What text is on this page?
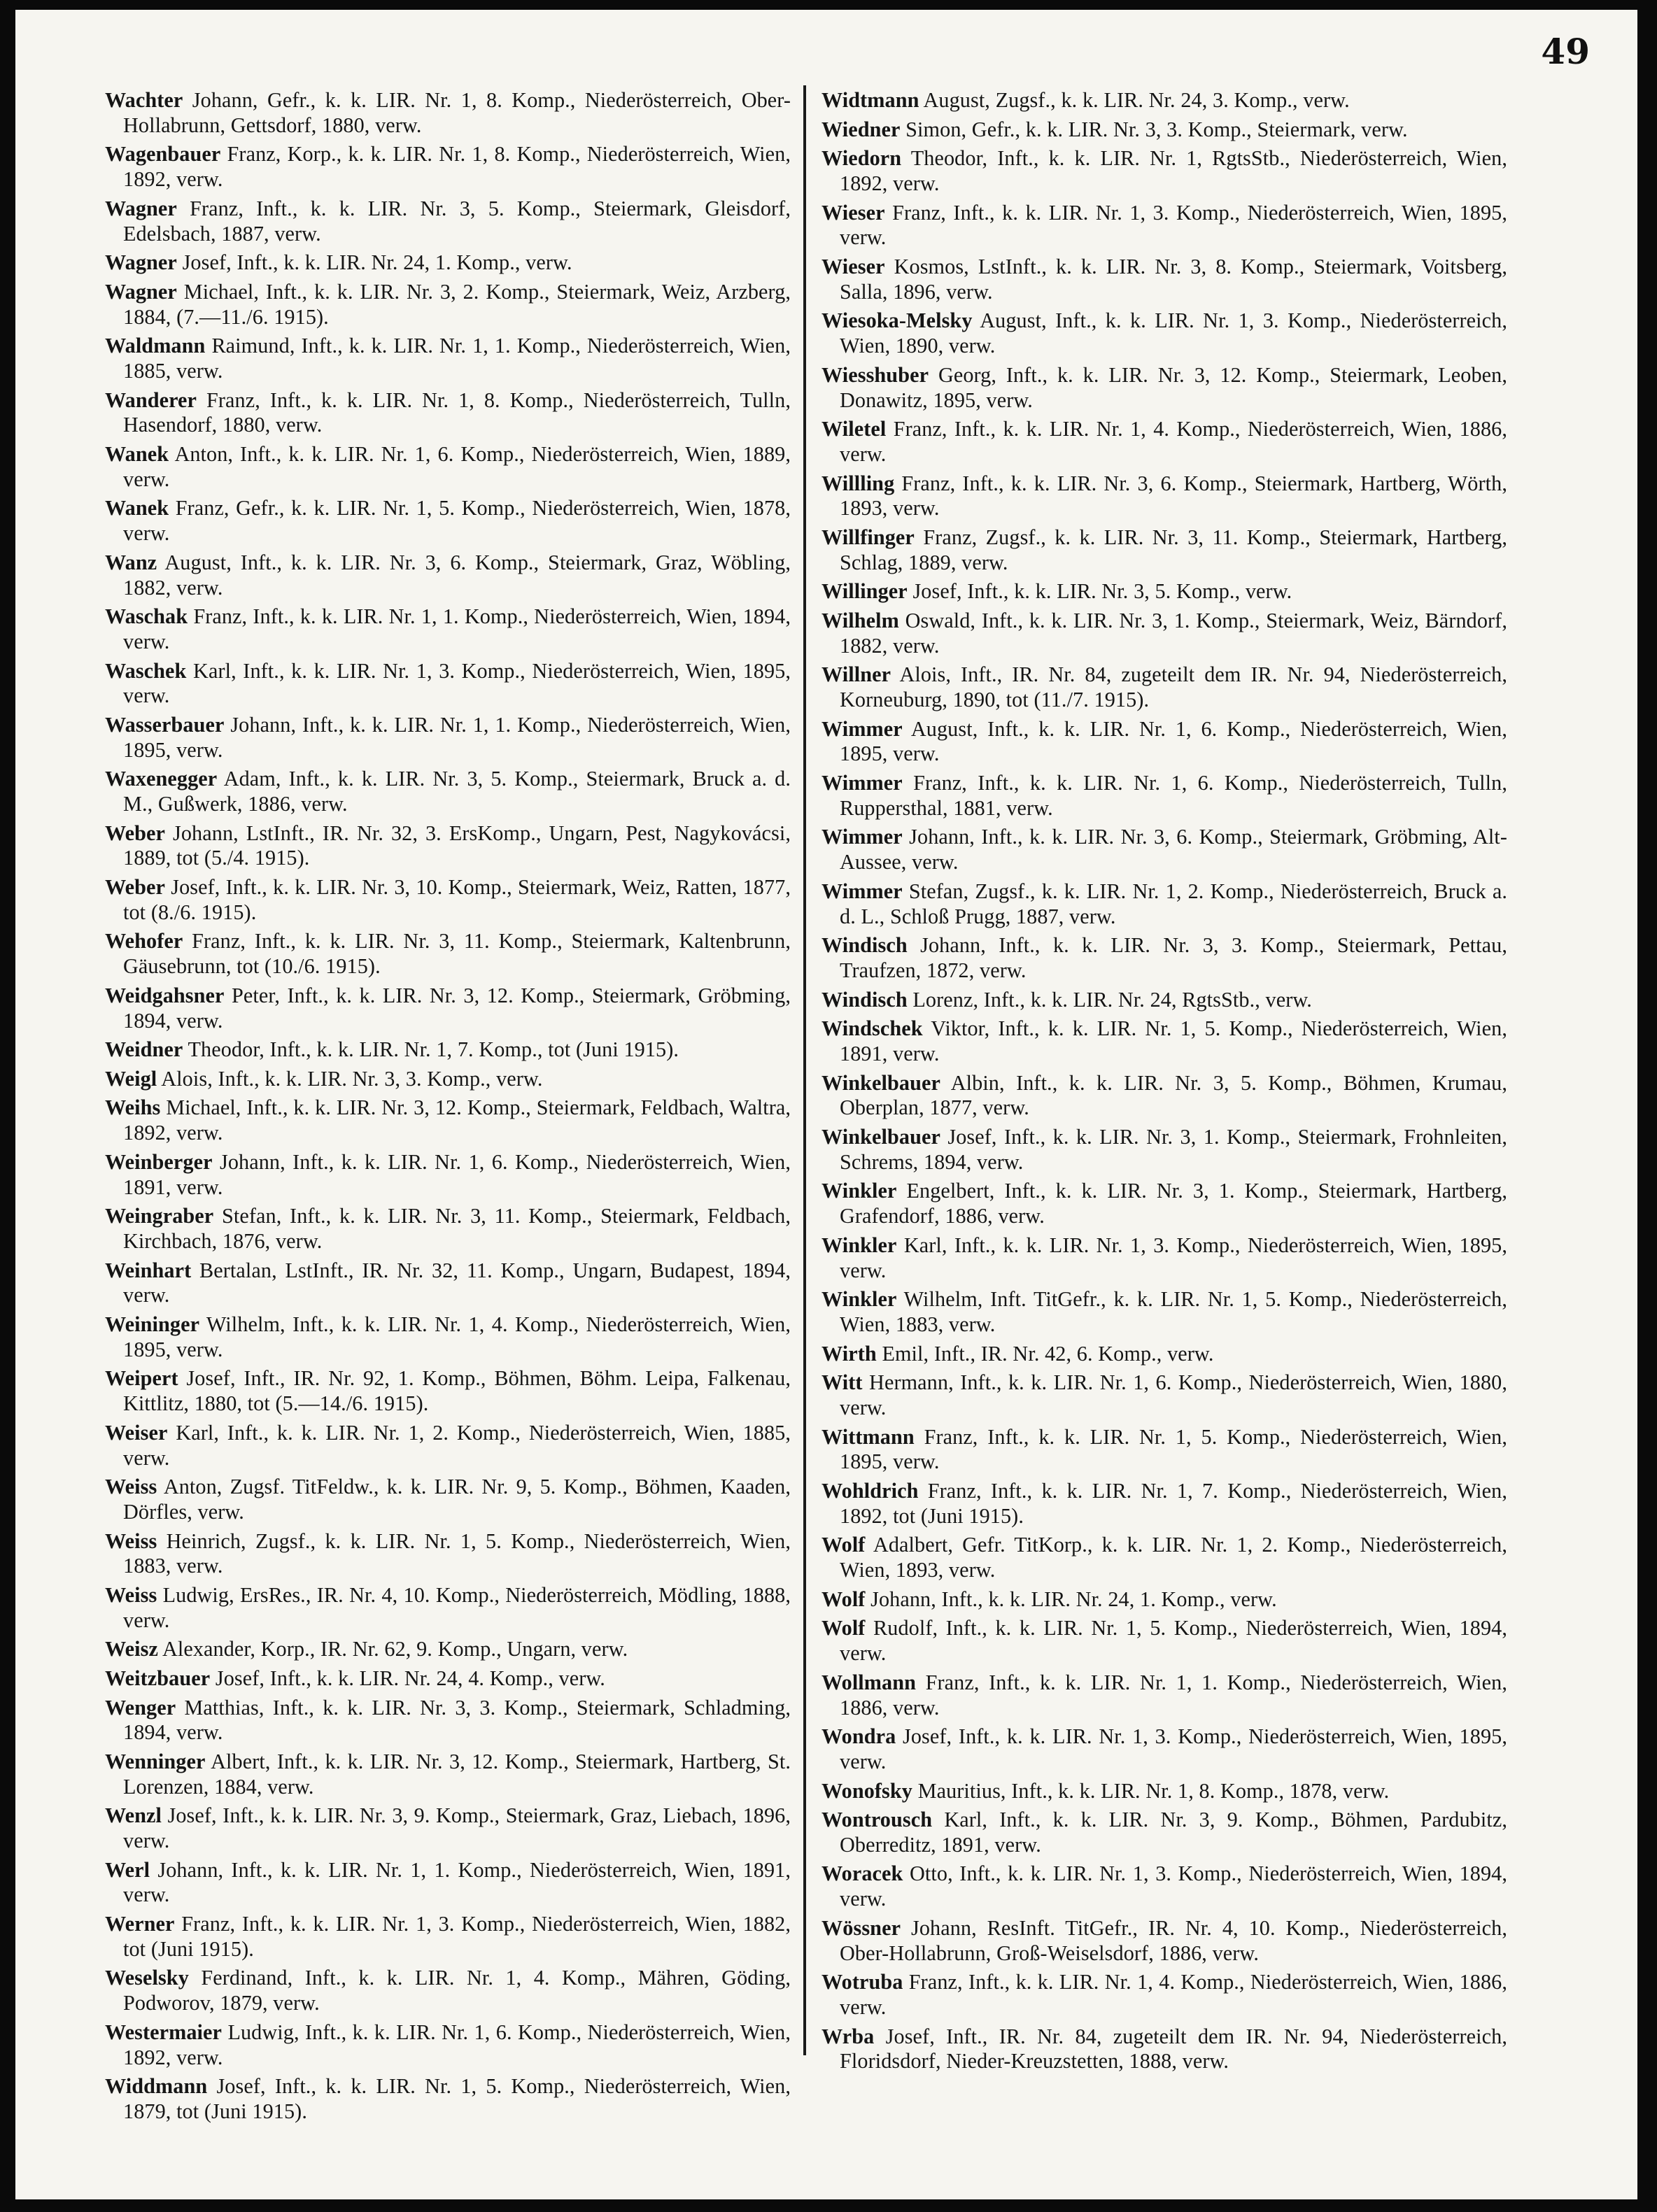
49
Wachter Johann, Gefr., k. k. LIR. Nr. 1, 8. Komp., Niederösterreich, Ober-Hollabrunn, Gettsdorf, 1880, verw.
Wagenbauer Franz, Korp., k. k. LIR. Nr. 1, 8. Komp., Niederösterreich, Wien, 1892, verw.
Wagner Franz, Inft., k. k. LIR. Nr. 3, 5. Komp., Steiermark, Gleisdorf, Edelsbach, 1887, verw.
Wagner Josef, Inft., k. k. LIR. Nr. 24, 1. Komp., verw.
Wagner Michael, Inft., k. k. LIR. Nr. 3, 2. Komp., Steiermark, Weiz, Arzberg, 1884, (7.—11./6. 1915).
Waldmann Raimund, Inft., k. k. LIR. Nr. 1, 1. Komp., Niederösterreich, Wien, 1885, verw.
Wanderer Franz, Inft., k. k. LIR. Nr. 1, 8. Komp., Niederösterreich, Tulln, Hasendorf, 1880, verw.
Wanek Anton, Inft., k. k. LIR. Nr. 1, 6. Komp., Niederösterreich, Wien, 1889, verw.
Wanek Franz, Gefr., k. k. LIR. Nr. 1, 5. Komp., Niederösterreich, Wien, 1878, verw.
Wanz August, Inft., k. k. LIR. Nr. 3, 6. Komp., Steiermark, Graz, Wöbling, 1882, verw.
Waschak Franz, Inft., k. k. LIR. Nr. 1, 1. Komp., Niederösterreich, Wien, 1894, verw.
Waschek Karl, Inft., k. k. LIR. Nr. 1, 3. Komp., Niederösterreich, Wien, 1895, verw.
Wasserbauer Johann, Inft., k. k. LIR. Nr. 1, 1. Komp., Niederösterreich, Wien, 1895, verw.
Waxenegger Adam, Inft., k. k. LIR. Nr. 3, 5. Komp., Steiermark, Bruck a. d. M., Gußwerk, 1886, verw.
Weber Johann, LstInft., IR. Nr. 32, 3. ErsKomp., Ungarn, Pest, Nagykovácsi, 1889, tot (5./4. 1915).
Weber Josef, Inft., k. k. LIR. Nr. 3, 10. Komp., Steiermark, Weiz, Ratten, 1877, tot (8./6. 1915).
Wehofer Franz, Inft., k. k. LIR. Nr. 3, 11. Komp., Steiermark, Kaltenbrunn, Gäusebrunn, tot (10./6. 1915).
Weidgahsner Peter, Inft., k. k. LIR. Nr. 3, 12. Komp., Steiermark, Gröbming, 1894, verw.
Weidner Theodor, Inft., k. k. LIR. Nr. 1, 7. Komp., tot (Juni 1915).
Weigl Alois, Inft., k. k. LIR. Nr. 3, 3. Komp., verw.
Weihs Michael, Inft., k. k. LIR. Nr. 3, 12. Komp., Steiermark, Feldbach, Waltra, 1892, verw.
Weinberger Johann, Inft., k. k. LIR. Nr. 1, 6. Komp., Niederösterreich, Wien, 1891, verw.
Weingraber Stefan, Inft., k. k. LIR. Nr. 3, 11. Komp., Steiermark, Feldbach, Kirchbach, 1876, verw.
Weinhart Bertalan, LstInft., IR. Nr. 32, 11. Komp., Ungarn, Budapest, 1894, verw.
Weininger Wilhelm, Inft., k. k. LIR. Nr. 1, 4. Komp., Niederösterreich, Wien, 1895, verw.
Weipert Josef, Inft., IR. Nr. 92, 1. Komp., Böhmen, Böhm. Leipa, Falkenau, Kittlitz, 1880, tot (5.—14./6. 1915).
Weiser Karl, Inft., k. k. LIR. Nr. 1, 2. Komp., Niederösterreich, Wien, 1885, verw.
Weiss Anton, Zugsf. TitFeldw., k. k. LIR. Nr. 9, 5. Komp., Böhmen, Kaaden, Dörfles, verw.
Weiss Heinrich, Zugsf., k. k. LIR. Nr. 1, 5. Komp., Niederösterreich, Wien, 1883, verw.
Weiss Ludwig, ErsRes., IR. Nr. 4, 10. Komp., Niederösterreich, Mödling, 1888, verw.
Weisz Alexander, Korp., IR. Nr. 62, 9. Komp., Ungarn, verw.
Weitzbauer Josef, Inft., k. k. LIR. Nr. 24, 4. Komp., verw.
Wenger Matthias, Inft., k. k. LIR. Nr. 3, 3. Komp., Steiermark, Schladming, 1894, verw.
Wenninger Albert, Inft., k. k. LIR. Nr. 3, 12. Komp., Steiermark, Hartberg, St. Lorenzen, 1884, verw.
Wenzl Josef, Inft., k. k. LIR. Nr. 3, 9. Komp., Steiermark, Graz, Liebach, 1896, verw.
Werl Johann, Inft., k. k. LIR. Nr. 1, 1. Komp., Niederösterreich, Wien, 1891, verw.
Werner Franz, Inft., k. k. LIR. Nr. 1, 3. Komp., Niederösterreich, Wien, 1882, tot (Juni 1915).
Weselsky Ferdinand, Inft., k. k. LIR. Nr. 1, 4. Komp., Mähren, Göding, Podworov, 1879, verw.
Westermaier Ludwig, Inft., k. k. LIR. Nr. 1, 6. Komp., Niederösterreich, Wien, 1892, verw.
Widdmann Josef, Inft., k. k. LIR. Nr. 1, 5. Komp., Niederösterreich, Wien, 1879, tot (Juni 1915).
Widtmann August, Zugsf., k. k. LIR. Nr. 24, 3. Komp., verw.
Wiedner Simon, Gefr., k. k. LIR. Nr. 3, 3. Komp., Steiermark, verw.
Wiedorn Theodor, Inft., k. k. LIR. Nr. 1, RgtsStb., Niederösterreich, Wien, 1892, verw.
Wieser Franz, Inft., k. k. LIR. Nr. 1, 3. Komp., Niederösterreich, Wien, 1895, verw.
Wieser Kosmos, LstInft., k. k. LIR. Nr. 3, 8. Komp., Steiermark, Voitsberg, Salla, 1896, verw.
Wiesoka-Melsky August, Inft., k. k. LIR. Nr. 1, 3. Komp., Niederösterreich, Wien, 1890, verw.
Wiesshuber Georg, Inft., k. k. LIR. Nr. 3, 12. Komp., Steiermark, Leoben, Donawitz, 1895, verw.
Wiletel Franz, Inft., k. k. LIR. Nr. 1, 4. Komp., Niederösterreich, Wien, 1886, verw.
Willling Franz, Inft., k. k. LIR. Nr. 3, 6. Komp., Steiermark, Hartberg, Wörth, 1893, verw.
Willfinger Franz, Zugsf., k. k. LIR. Nr. 3, 11. Komp., Steiermark, Hartberg, Schlag, 1889, verw.
Willinger Josef, Inft., k. k. LIR. Nr. 3, 5. Komp., verw.
Wilhelm Oswald, Inft., k. k. LIR. Nr. 3, 1. Komp., Steiermark, Weiz, Bärndorf, 1882, verw.
Willner Alois, Inft., IR. Nr. 84, zugeteilt dem IR. Nr. 94, Niederösterreich, Korneuburg, 1890, tot (11./7. 1915).
Wimmer August, Inft., k. k. LIR. Nr. 1, 6. Komp., Niederösterreich, Wien, 1895, verw.
Wimmer Franz, Inft., k. k. LIR. Nr. 1, 6. Komp., Niederösterreich, Tulln, Ruppersthal, 1881, verw.
Wimmer Johann, Inft., k. k. LIR. Nr. 3, 6. Komp., Steiermark, Gröbming, Alt-Aussee, verw.
Wimmer Stefan, Zugsf., k. k. LIR. Nr. 1, 2. Komp., Niederösterreich, Bruck a. d. L., Schloß Prugg, 1887, verw.
Windisch Johann, Inft., k. k. LIR. Nr. 3, 3. Komp., Steiermark, Pettau, Traufzen, 1872, verw.
Windisch Lorenz, Inft., k. k. LIR. Nr. 24, RgtsStb., verw.
Windschek Viktor, Inft., k. k. LIR. Nr. 1, 5. Komp., Niederösterreich, Wien, 1891, verw.
Winkelbauer Albin, Inft., k. k. LIR. Nr. 3, 5. Komp., Böhmen, Krumau, Oberplan, 1877, verw.
Winkelbauer Josef, Inft., k. k. LIR. Nr. 3, 1. Komp., Steiermark, Frohnleiten, Schrems, 1894, verw.
Winkler Engelbert, Inft., k. k. LIR. Nr. 3, 1. Komp., Steiermark, Hartberg, Grafendorf, 1886, verw.
Winkler Karl, Inft., k. k. LIR. Nr. 1, 3. Komp., Niederösterreich, Wien, 1895, verw.
Winkler Wilhelm, Inft. TitGefr., k. k. LIR. Nr. 1, 5. Komp., Niederösterreich, Wien, 1883, verw.
Wirth Emil, Inft., IR. Nr. 42, 6. Komp., verw.
Witt Hermann, Inft., k. k. LIR. Nr. 1, 6. Komp., Niederösterreich, Wien, 1880, verw.
Wittmann Franz, Inft., k. k. LIR. Nr. 1, 5. Komp., Niederösterreich, Wien, 1895, verw.
Wohldrich Franz, Inft., k. k. LIR. Nr. 1, 7. Komp., Niederösterreich, Wien, 1892, tot (Juni 1915).
Wolf Adalbert, Gefr. TitKorp., k. k. LIR. Nr. 1, 2. Komp., Niederösterreich, Wien, 1893, verw.
Wolf Johann, Inft., k. k. LIR. Nr. 24, 1. Komp., verw.
Wolf Rudolf, Inft., k. k. LIR. Nr. 1, 5. Komp., Niederösterreich, Wien, 1894, verw.
Wollmann Franz, Inft., k. k. LIR. Nr. 1, 1. Komp., Niederösterreich, Wien, 1886, verw.
Wondra Josef, Inft., k. k. LIR. Nr. 1, 3. Komp., Niederösterreich, Wien, 1895, verw.
Wonofsky Mauritius, Inft., k. k. LIR. Nr. 1, 8. Komp., 1878, verw.
Wontrousch Karl, Inft., k. k. LIR. Nr. 3, 9. Komp., Böhmen, Pardubitz, Oberreditz, 1891, verw.
Woracek Otto, Inft., k. k. LIR. Nr. 1, 3. Komp., Niederösterreich, Wien, 1894, verw.
Wössner Johann, ResInft. TitGefr., IR. Nr. 4, 10. Komp., Niederösterreich, Ober-Hollabrunn, Groß-Weiselsdorf, 1886, verw.
Wotruba Franz, Inft., k. k. LIR. Nr. 1, 4. Komp., Niederösterreich, Wien, 1886, verw.
Wrba Josef, Inft., IR. Nr. 84, zugeteilt dem IR. Nr. 94, Niederösterreich, Floridsdorf, Nieder-Kreuzstetten, 1888, verw.
